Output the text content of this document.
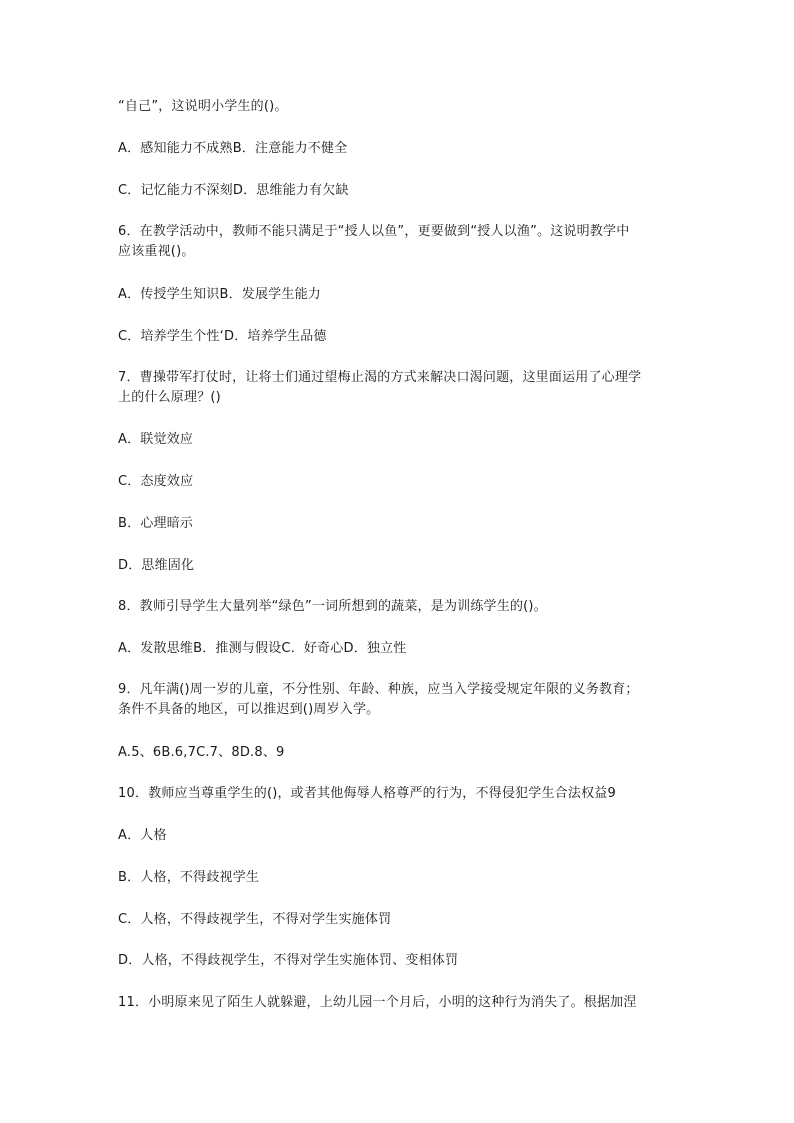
“自己”，这说明小学生的()。
A．感知能力不成熟B．注意能力不健全
C．记忆能力不深刻D．思维能力有欠缺
6．在教学活动中，教师不能只满足于“授人以鱼”，更要做到“授人以渔”。这说明教学中
应该重视()。
A．传授学生知识B．发展学生能力
C．培养学生个性‘D．培养学生品德
7．曹操带军打仗时，让将士们通过望梅止渴的方式来解决口渴问题，这里面运用了心理学
上的什么原理？()
A．联觉效应
C．态度效应
B．心理暗示
D．思维固化
8．教师引导学生大量列举“绿色”一词所想到的蔬菜，是为训练学生的()。
A．发散思维B．推测与假设C．好奇心D．独立性
9．凡年满()周一岁的儿童，不分性别、年龄、种族，应当入学接受规定年限的义务教育；
条件不具备的地区，可以推迟到()周岁入学。
A.5、6B.6,7C.7、8D.8、9
10．教师应当尊重学生的()，或者其他侮辱人格尊严的行为，不得侵犯学生合法权益9
A．人格
B．人格，不得歧视学生
C．人格，不得歧视学生，不得对学生实施体罚
D．人格，不得歧视学生，不得对学生实施体罚、变相体罚
11．小明原来见了陌生人就躲避，上幼儿园一个月后，小明的这种行为消失了。根据加涅
